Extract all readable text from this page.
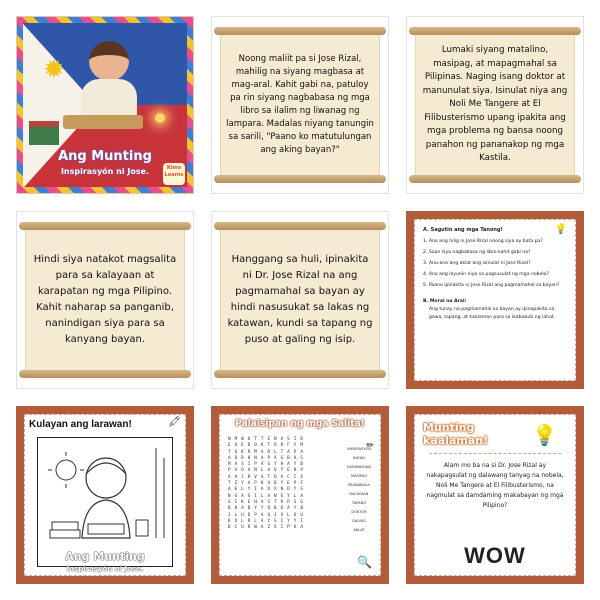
✹
Ang Munting
Inspirasyón ni Jose.	Kimo Learns
Noong maliit pa si Jose Rizal, mahilig na siyang magbasa at mag-aral. Kahit gabi na, patuloy pa rin siyang nagbabasa ng mga libro sa ilalim ng liwanag ng lampara. Madalas niyang tanungin sa sarili, "Paano ko matutulungan ang aking bayan?"
Lumaki siyang matalino, masipag, at mapagmahal sa Pilipinas. Naging isang doktor at manunulat siya. Isinulat niya ang Noli Me Tangere at El Filibusterismo upang ipakita ang mga problema ng bansa noong panahon ng pananakop ng mga Kastila.
Hindi siya natakot magsalita para sa kalayaan at karapatan ng mga Pilipino. Kahit naharap sa panganib, nanindigan siya para sa kanyang bayan.
Hanggang sa huli, ipinakita ni Dr. Jose Rizal na ang pagmamahal sa bayan ay hindi nasusukat sa lakas ng katawan, kundi sa tapang ng puso at galing ng isip.
💡
A. Sagutin ang mga Tanong!
1. Ano ang hilig ni Jose Rizal noong siya ay bata pa?
2. Saan siya nagbabasa ng libro kahit gabi na?
3. Anu-ano ang aklat ang isinulat ni Jose Rizal?
4. Ano ang layunin niya sa pagsusulat ng mga nobela?
5. Paano ipinakita ni Jose Rizal ang pagmamahal sa bayan?
B. Moral na Aral:
Ang tunay na pagmamahal sa bayan ay ipinapakita sa gawa, tapang, at kaalaman para sa ikabubuti ng lahat.
Kulayan ang larawan!	🖍
Ang Munting
Inspirasyón ni Jose.
Palaisipan ng mga Salita!
N M W U T T E N A S I D
E O E D O K T O R F Y M
T G K R M A R L T A P A
A D R H N A P A G B A S
M A S I P A G Y H A Y B
P X O A N L A Q Y E H P
A A J R V A T Q A C C X
T Z Y A P K U D Y E P F
A E L Y I A D X N D Y G
N G A G I L A N G Y L A
G I K E H A S T R P S G
B K A B Y Y O B O A Y B
J L U D P A Q J V L O U
K O L R L A Y G I Y Y I
B C U R W A Z S I P K A
✏
INSPIRASYON
BAYAN
KATAPANGAN
MASIPAG
PAGBABASA
KALAYAAN
TAPANG
DOKTOR
GALING
AKLAT
🔍
Munting
kaalaman! 💡
Alam mo ba na si Dr. Jose Rizal ay nakapagsulat ng dalawang tanyag na nobela, Noli Me Tangere at El Filibusterismo, na nagmulat sa damdaming makabayan ng mga Pilipino?
WOW
